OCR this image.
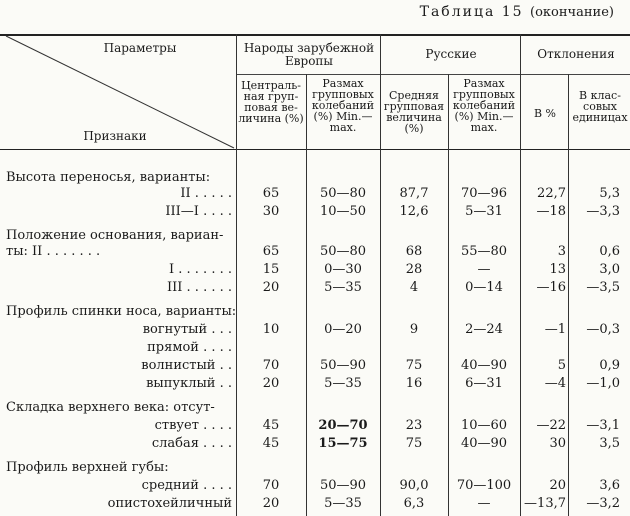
Таблица 15 (окончание)
Параметры
Признаки
Народы зарубежной Европы	Русские	Отклонения
Централь- ная груп- повая ве- личина (%)
Размах групповых колебаний (%) Min.— max.
Средняя групповая величина (%)
Размах групповых колебаний (%) Min.— max.
В %
В клас- совых единицах
Высота переносья, варианты:
II . . . . .	65	50—80	87,7	70—96	22,7	5,3
III—I . . . .	30	10—50	12,6	5—31	—18	—3,3
Положение основания, вариан-
ты: II . . . . . . .	65	50—80	68	55—80	3	0,6
I . . . . . . .	15	0—30	28	—	13	3,0
III . . . . . .	20	5—35	4	0—14	—16	—3,5
Профиль спинки носа, варианты:
вогнутый . . .	10	0—20	9	2—24	—1	—0,3
прямой . . . .
волнистый . .	70	50—90	75	40—90	5	0,9
выпуклый . .	20	5—35	16	6—31	—4	—1,0
Складка верхнего века: отсут-
ствует . . . .	45	20—70	23	10—60	—22	—3,1
слабая . . . .	45	15—75	75	40—90	30	3,5
Профиль верхней губы:
средний . . . .	70	50—90	90,0	70—100	20	3,6
опистохейличный	20	5—35	6,3	—	—13,7	—3,2
